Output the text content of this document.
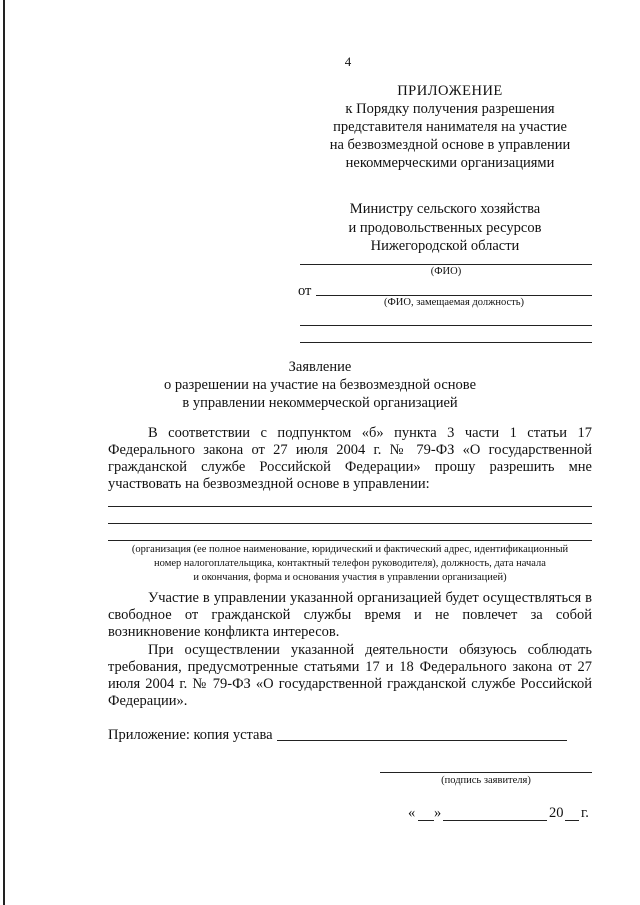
4
ПРИЛОЖЕНИЕ
к Порядку получения разрешения
представителя нанимателя на участие
на безвозмездной основе в управлении
некоммерческими организациями
Министру сельского хозяйства
и продовольственных ресурсов
Нижегородской области
(ФИО)
от
(ФИО, замещаемая должность)
Заявление
о разрешении на участие на безвозмездной основе
в управлении некоммерческой организацией
В соответствии с подпунктом «б» пункта 3 части 1 статьи 17 Федерального закона от 27 июля 2004 г. № 79-ФЗ «О государственной гражданской службе Российской Федерации» прошу разрешить мне участвовать на безвозмездной основе в управлении:
(организация (ее полное наименование, юридический и фактический адрес, идентификационный
номер налогоплательщика, контактный телефон руководителя), должность, дата начала
и окончания, форма и основания участия в управлении организацией)
Участие в управлении указанной организацией будет осуществляться в свободное от гражданской службы время и не повлечет за собой возникновение конфликта интересов.
При осуществлении указанной деятельности обязуюсь соблюдать требования, предусмотренные статьями 17 и 18 Федерального закона от 27 июля 2004 г. № 79-ФЗ «О государственной гражданской службе Российской Федерации».
Приложение: копия устава
(подпись заявителя)
« »	20 г.
